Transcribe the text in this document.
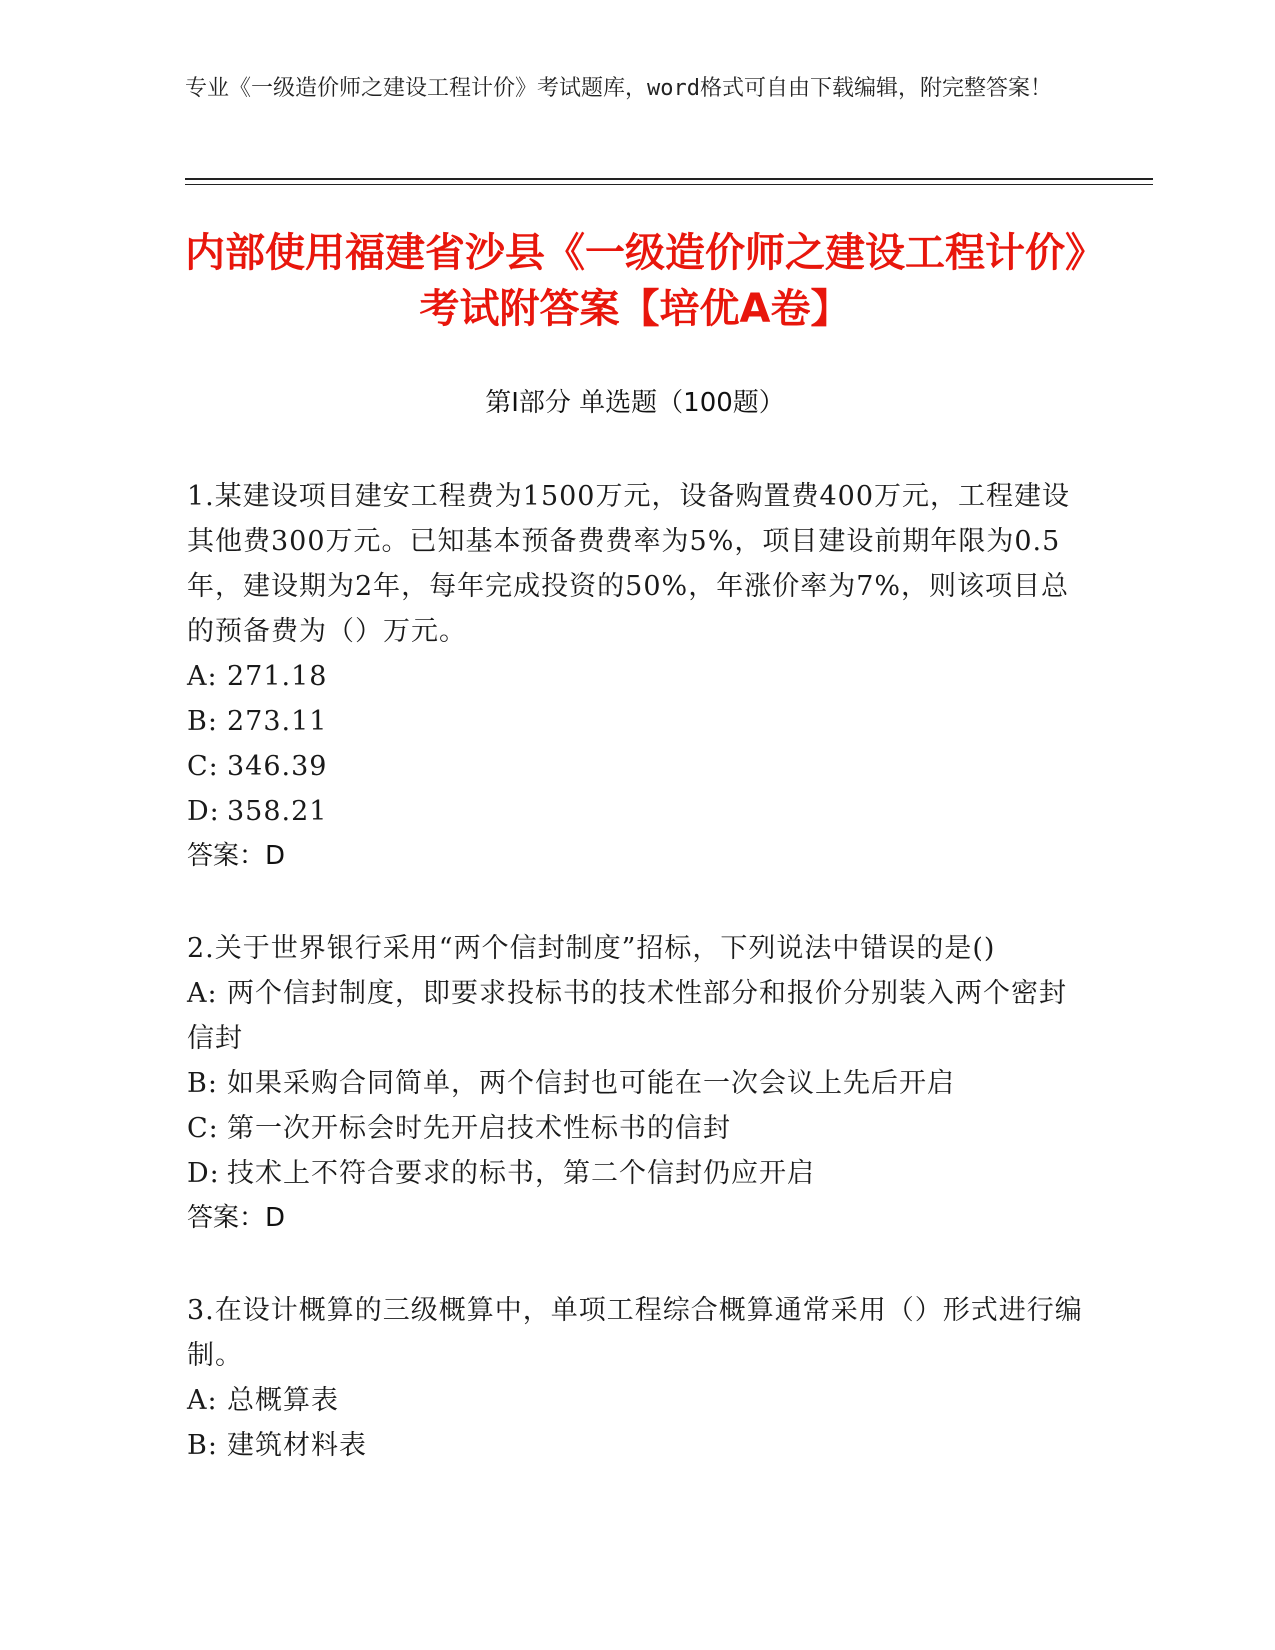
专业《一级造价师之建设工程计价》考试题库，word格式可自由下载编辑，附完整答案！
内部使用福建省沙县《一级造价师之建设工程计价》考试附答案【培优A卷】
第I部分 单选题（100题）

1.某建设项目建安工程费为1500万元，设备购置费400万元，工程建设其他费300万元。已知基本预备费费率为5%，项目建设前期年限为0.5年，建设期为2年，每年完成投资的50%，年涨价率为7%，则该项目总的预备费为（）万元。

A: 271.18

B: 273.11

C: 346.39

D: 358.21

答案：D

2.关于世界银行采用“两个信封制度”招标，下列说法中错误的是()

A: 两个信封制度，即要求投标书的技术性部分和报价分别装入两个密封信封

B: 如果采购合同简单，两个信封也可能在一次会议上先后开启

C: 第一次开标会时先开启技术性标书的信封

D: 技术上不符合要求的标书，第二个信封仍应开启

答案：D

3.在设计概算的三级概算中，单项工程综合概算通常采用（）形式进行编制。

A: 总概算表

B: 建筑材料表
